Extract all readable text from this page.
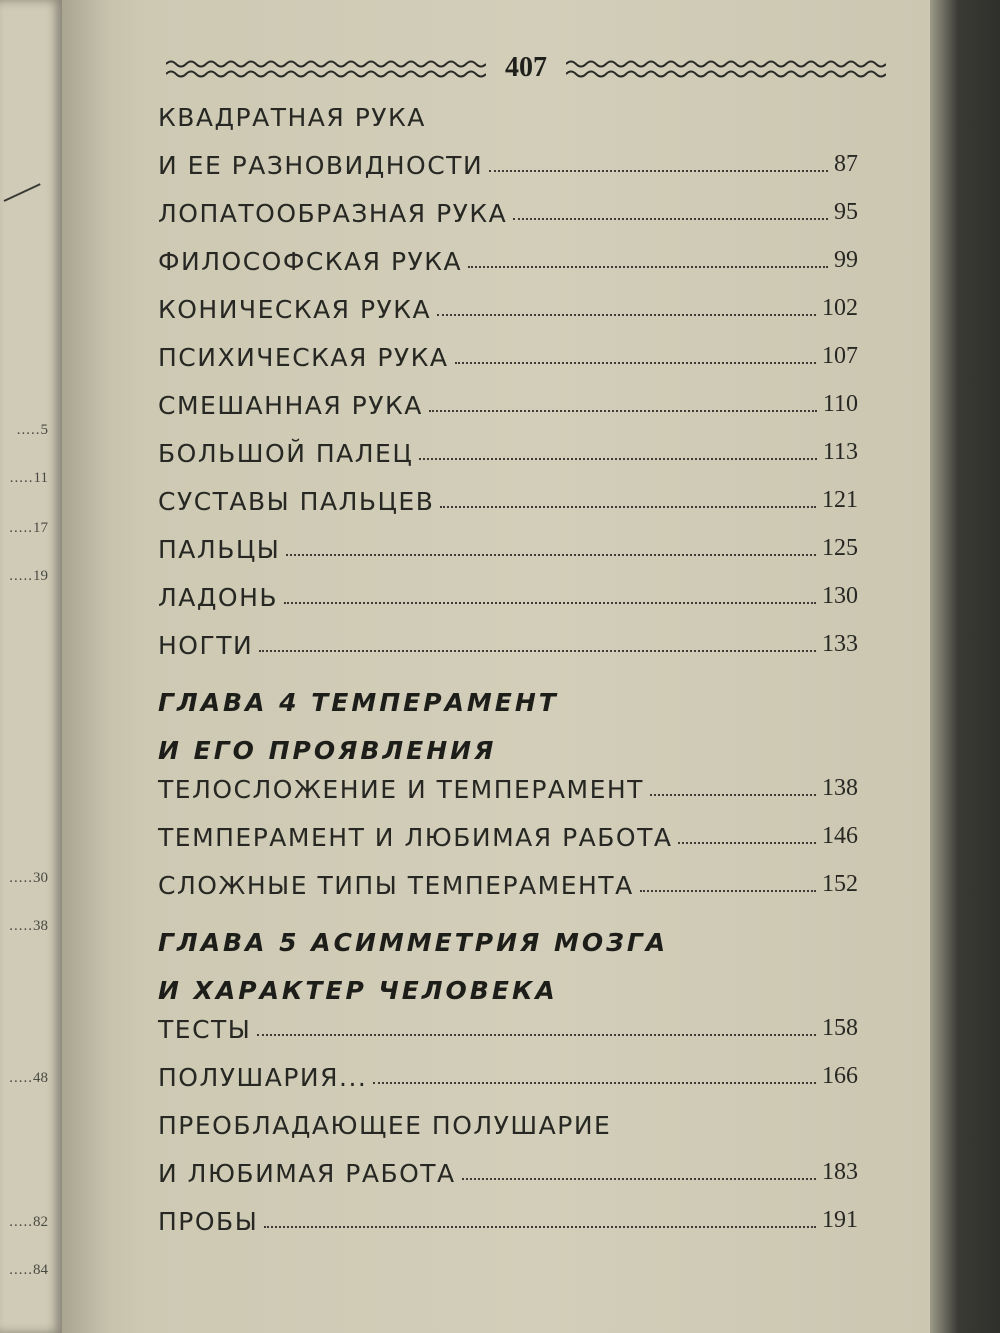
.....5
.....11
.....17
.....19
.....30
.....38
.....48
.....82
.....84
407
КВАДРАТНАЯ РУКА
И ЕЕ РАЗНОВИДНОСТИ	87
ЛОПАТООБРАЗНАЯ РУКА	95
ФИЛОСОФСКАЯ РУКА	99
КОНИЧЕСКАЯ РУКА	102
ПСИХИЧЕСКАЯ РУКА	107
СМЕШАННАЯ РУКА	110
БОЛЬШОЙ ПАЛЕЦ	113
СУСТАВЫ ПАЛЬЦЕВ	121
ПАЛЬЦЫ	125
ЛАДОНЬ	130
НОГТИ	133
ГЛАВА 4 ТЕМПЕРАМЕНТ
И ЕГО ПРОЯВЛЕНИЯ
ТЕЛОСЛОЖЕНИЕ И ТЕМПЕРАМЕНТ	138
ТЕМПЕРАМЕНТ И ЛЮБИМАЯ РАБОТА	146
СЛОЖНЫЕ ТИПЫ ТЕМПЕРАМЕНТА	152
ГЛАВА 5 АСИММЕТРИЯ МОЗГА
И ХАРАКТЕР ЧЕЛОВЕКА
ТЕСТЫ	158
ПОЛУШАРИЯ...	166
ПРЕОБЛАДАЮЩЕЕ ПОЛУШАРИЕ
И ЛЮБИМАЯ РАБОТА	183
ПРОБЫ	191
